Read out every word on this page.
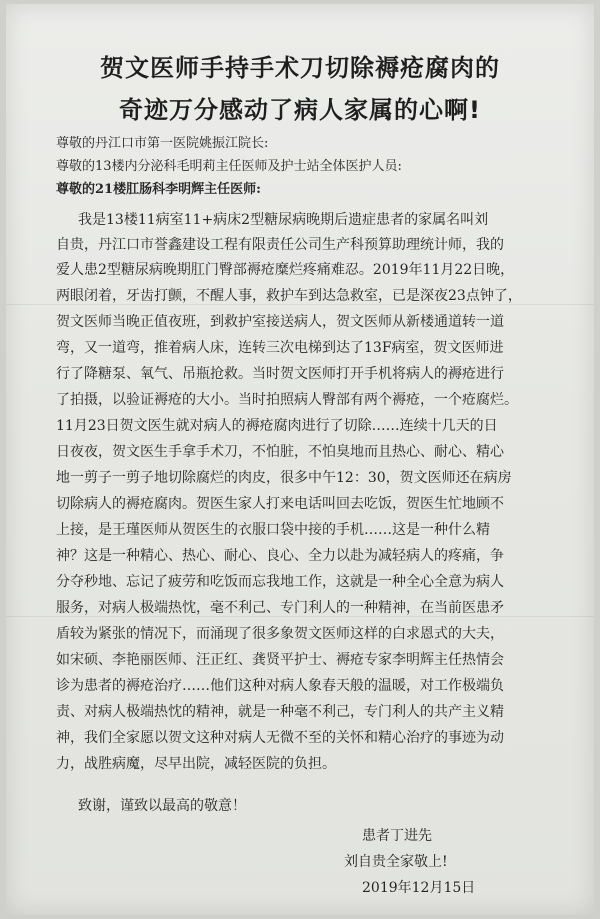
贺文医师手持手术刀切除褥疮腐肉的
奇迹万分感动了病人家属的心啊!
尊敬的丹江口市第一医院姚振江院长:
尊敬的13楼内分泌科毛明莉主任医师及护士站全体医护人员:
尊敬的21楼肛肠科李明辉主任医师:
我是13楼11病室11+病床2型糖尿病晚期后遗症患者的家属名叫刘
自贵，丹江口市誉鑫建设工程有限责任公司生产科预算助理统计师，我的
爱人患2型糖尿病晚期肛门臀部褥疮糜烂疼痛难忍。2019年11月22日晚，
两眼闭着，牙齿打颤，不醒人事，救护车到达急救室，已是深夜23点钟了，
贺文医师当晚正值夜班，到救护室接送病人，贺文医师从新楼通道转一道
弯，又一道弯，推着病人床，连转三次电梯到达了13F病室，贺文医师进
行了降糖泵、氧气、吊瓶抢救。当时贺文医师打开手机将病人的褥疮进行
了拍摄，以验证褥疮的大小。当时拍照病人臀部有两个褥疮，一个疮腐烂。
11月23日贺文医生就对病人的褥疮腐肉进行了切除……连续十几天的日
日夜夜，贺文医生手拿手术刀，不怕脏，不怕臭地而且热心、耐心、精心
地一剪子一剪子地切除腐烂的肉皮，很多中午12：30，贺文医师还在病房
切除病人的褥疮腐肉。贺医生家人打来电话叫回去吃饭，贺医生忙地顾不
上接，是王瑾医师从贺医生的衣服口袋中接的手机……这是一种什么精
神？这是一种精心、热心、耐心、良心、全力以赴为减轻病人的疼痛，争
分夺秒地、忘记了疲劳和吃饭而忘我地工作，这就是一种全心全意为病人
服务，对病人极端热忱，毫不利己、专门利人的一种精神，在当前医患矛
盾较为紧张的情况下，而涌现了很多象贺文医师这样的白求恩式的大夫，
如宋硕、李艳丽医师、汪正红、龚贤平护士、褥疮专家李明辉主任热情会
诊为患者的褥疮治疗……他们这种对病人象春天般的温暖，对工作极端负
责、对病人极端热忱的精神，就是一种毫不利己，专门利人的共产主义精
神，我们全家愿以贺文这种对病人无微不至的关怀和精心治疗的事迹为动
力，战胜病魔，尽早出院，减轻医院的负担。
致谢，谨致以最高的敬意！
患者丁进先
刘自贵全家敬上!
2019年12月15日
